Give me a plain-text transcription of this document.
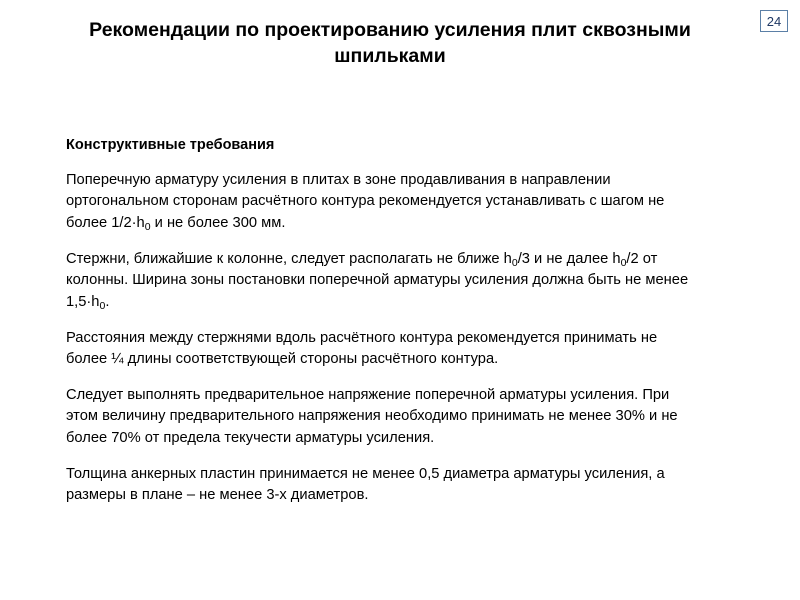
24
Рекомендации по проектированию усиления плит сквозными шпильками

Конструктивные требования

Поперечную арматуру усиления в плитах в зоне продавливания в направлении ортогональном сторонам расчётного контура рекомендуется устанавливать с шагом не более $1/2\cdot h_0$ и не более 300 мм.

Стержни, ближайшие к колонне, следует располагать не ближе $h_0/3$ и не далее $h_0/2$ от колонны. Ширина зоны постановки поперечной арматуры усиления должна быть не менее $1,5\cdot h_0$.

Расстояния между стержнями вдоль расчётного контура рекомендуется принимать не более ¼ длины соответствующей стороны расчётного контура.

Следует выполнять предварительное напряжение поперечной арматуры усиления. При этом величину предварительного напряжения необходимо принимать не менее 30% и не более 70% от предела текучести арматуры усиления.

Толщина анкерных пластин принимается не менее 0,5 диаметра арматуры усиления, а размеры в плане – не менее 3-х диаметров.
